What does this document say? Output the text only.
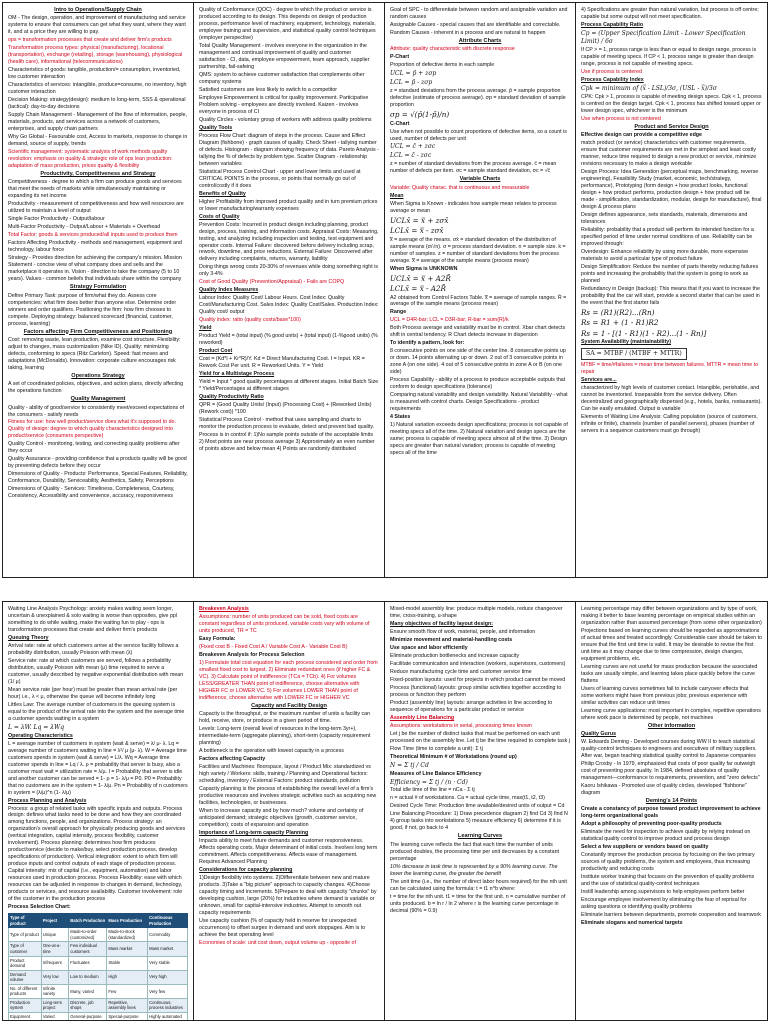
Intro to Operations/Supply Chain

OM - The design, operation, and improvement of manufacturing and service systems to ensure that consumers can get what they want, where they want it, and at a price they are willing to pay.

ops = transformation processes that create and deliver firm's products

Transformation process types: physical (manufacturing), locational (transportation), exchange (retailing), storage (warehousing), physiological (health care), informational (telecommunications)

Characteristics of goods: tangible, production/= consumption, inventoried, low customer interaction

Characteristics of services: intangible, produce=consume, no inventory, high customer interaction

Decision Making: strategy(design): medium to long-term, SSS & operational (tactical): day-to-day decisions

Supply Chain Management - Management of the flow of information, people, materials, products, and services across a network of customers, enterprises, and supply chain partners

Why Go Global - Favourable cost, Access to markets, response to change in demand, source of supply, trends

Scientific management: systematic analysis of work methods quality revolution: emphasis on quality & strategic role of ops lean production: adaptation of mass production, prices quality & flexibility

Productivity, Competitiveness and Strategy

Competitiveness - degree to which a firm can produce goods and services that meet the needs of markets while simultaneously maintaining or expanding its net income

Productivity - measurement of competitiveness and how well resources are utilized to maintain a level of output

Single Factor Productivity - Output/labour

Multi-Factor Productivity - Output/Labour + Materials + Overhead

Total Factor: goods & services produced/all inputs used to produce them

Factors Affecting Productivity - methods and management, equipment and technology, labour force

Strategy - Provides direction for achieving the company's mission. Mission Statement - concise view of what company does and sells and the marketplace it operates in. Vision - direction to take the company (5 to 10 years). Values - common beliefs that individuals share within the company

Strategy Formulation

Define Primary Task: purpose of firm/what they do. Assess core competencies: what firm does better than anyone else. Determine order winners and order qualifiers. Positioning the firm: how firm chooses to compete. Deploying strategy: balanced scorecard (financial, customer, process, learning)

Factors affecting Firm Competitiveness and Positioning

Cost: removing waste, lean production, examine cost structure. Flexibility: adjust to changes, mass customization (Nike ID). Quality: minimizing defects, conforming to specs (Ritz Carleton). Speed: fast moves and adaptations (McDonalds). Innovation: corporate culture encourages risk taking, learning

Operations Strategy

A set of coordinated policies, objectives, and action plans, directly affecting the operations function

Quality Management

Quality - ability of good/service to consistently meet/exceed expectations of the consumers - satisfy needs

Fitness for use: how well product/service does what it's supposed to do. Quality of design: degree to which quality characteristics designed into product/service (consumers perspective)

Quality Control - monitoring, testing, and correcting quality problems after they occur

Quality Assurance - providing confidence that a products quality will be good by preventing defects before they occur

Dimensions of Quality - Products: Performance, Special Features, Reliability, Conformance, Durability, Serviceability, Aesthetics, Safety, Perceptions

Dimensions of Quality - Services: Timeliness, Completeness, Courtesy, Consistency, Accessibility and convenience, accuracy, responsiveness

Quality of Conformance (QOC) - degree to which the product or service is produced according to its design. This depends on design of production process, performance level of machinery, equipment, technology, materials, employee training and supervision, and statistical quality control techniques (employer perspective)

Total Quality Management - involves everyone in the organization in the management and continual improvement of quality and customer satisfaction - CI, data, employee empowerment, team approach, supplier partnership, fail-safeing

QMS: system to achieve customer satisfaction that complements other company systems

Satisfied customers are less likely to switch to a competitor

Employee Empowerment is critical for quality improvement. Participative Problem solving - employees are directly involved. Kaizen - involves everyone in process of CI

Quality Circles - voluntary group of workers with address quality problems

Quality Tools

Process Flow Chart: diagram of steps in the process. Cause and Effect Diagram (fishbone) - graph causes of quality. Check Sheet - tallying number of defects. Histogram - diagram showing frequency of data. Pareto Analysis - tallying the % of defects by problem type. Scatter Diagram - relationship between variables

Statistical Process Control Chart - upper and lower limits and used at CRITICAL POINTS in the process, or points that normally go out of control/costly if it does

Benefits of Quality

Higher Profitability from improved product quality and in turn premium prices or lower manufacturing/warranty expenses

Costs of Quality

Prevention Costs: Incurred in product design including planning, product design, process, training, and information costs. Appraisal Costs: Measuring, testing, and analyzing including inspection and testing, test equipment and operator costs. Internal Failure: discovered before delivery including scrap, rework, downtime, and price reductions. External Failure: Discovered after delivery including complaints, returns, warranty, liability

Doing things wrong costs 20-30% of revenues while doing something right is only 3-4%

Cost of Good Quality (Prevention/Appraisal) - Fails are COPQ

Quality Index Measures

Labour Index: Quality Cost/ Labour Hours. Cost Index: Quality Cost/Manufacturing Cost. Sales Index: Quality Cost/Sales. Production Index: Quality cost/ output

Quality index: ratio (quality costs/base*100)

Yield

Product Yield = (total input) (% good units) + (total input) (1-%good units) (% reworked)

Product Cost

Cost = (Kd*I + Kr*R)/Y. Kd = Direct Manufacturing Cost. I = Input. KR = Rework Cost Per unit. R = Reworked Units. Y = Yield

Yield for a Multistage Process

Yield = Input * good quality percentages at different stages. Initial Batch Size * Yield/Percentages at different stages

Quality Productivity Ratio

QPR = (Good Quality Units/ (Input) (Processing Cost) + (Reworked Units) (Rework cost)) *100

Statistical Process Control - method that uses sampling and charts to monitor the production process to evaluate, detect and prevent bad quality.

Process is in control if: 1)No sample points outside of the acceptable limits 2) Most points are near process average 3) Approximately an even number of points above and below mean 4) Points are randomly distributed

Goal of SPC - to differentiate between random and assignable variation and random causes

Assignable Causes - special causes that are identifiable and correctable.

Random Causes - inherent in a process and are natural to happen

Attribute Charts

Attribute: quality characteristic with discrete response

P-Chart

Proportion of defective items in each sample

UCL = p̄ + zσp

LCL = p̄ - zσp

z = standard deviations from the process average. p̄ = sample proportion defective (estimate of process average). σp = standard deviation of sample proportion

σp = √(p̄(1-p̄)/n)

C-Chart

Use when not possible to count proportions of defective items, so a count is used, number of defects per unit

UCL = c̄ + zσc

LCL = c̄ - zσc

z = number of standard deviations from the process average. c̄ = mean number of defects per item. σc = sample standard deviation, σc = √c̄

Variable Charts

Variable: Quality charac. that is continuous and measurable

Mean

When Sigma is Known - indicates how sample mean relates to process average or mean

UCLx̄ = x̿ + zσx̄

LCLx̄ = x̿ - zσx̄

x̿ = average of the means. σx̄ = standard deviation of the distribution of sample means (σ/√n). σ = process standard deviation. n = sample size. k = number of samples. z = number of standard deviations from the process average. x̿ = average of the sample means (process mean)

When Sigma is UNKNOWN

UCLx̄ = x̿ + A2R̄

LCLx̄ = x̿ - A2R̄

A2 obtained from Control Factors Table. x̿ = average of sample ranges. R̄ = average of the sample means (process mean)

Range

UCL = D4R-bar; LCL = D3R-bar; R-bar = sum(R)/k

Both Process average and variability must be in control. Xbar chart detects shift in central tendency. R Chart detects increase in dispersion

To identify a pattern, look for:

8 consecutive points on one side of the center line. 8 consecutive points up or down. 14 points alternating up or down. 2 out of 3 consecutive points in zone A (on one side). 4 out of 5 consecutive points in zone A or B (on one side)

Process Capability - ability of a process to produce acceptable outputs that conform to design specifications (tolerance)

Comparing natural variability and design variability. Natural Variability - what is measured with control charts. Design Specifications - product requirements

4 States

1) Natural variation exceeds design specifications; process is not capable of meeting specs all of the time. 2) Natural variation and design specs are the same; process is capable of meeting specs almost all of the time. 3) Design specs are greater than natural variation; process is capable of meeting specs all of the time

4) Specifications are greater than natural variation, but process is off centre; capable but some output will not meet specification.

Process Capability Ratio

Cp = (Upper Specification Limit - Lower Specification Limit) / 6σ

If CP > = 1, process range is less than or equal to design range, process is capable of meeting specs. If CP < 1, process range is greater than design range, process is not capable of meeting specs.

Use if process is centered

Process Capability Index

Cpk = minimum of (x̿ - LSL)/3σ, (USL - x̿)/3σ

CPK: Cpk > 1, process is capable of meeting design specs. Cpk < 1, process is centred on the design target. Cpk < 1, process has shifted toward upper or lower design spec, whichever is the minimum

Use when process is not centered

Product and Service Design

Effective design can provide a competitive edge

match product (or service) characteristics with customer requirements, ensure that customer requirements are met in the simplest and least costly manner, reduce time required to design a new product or service, minimize revisions necessary to make a design workable

Design Process: Idea Generation (perceptual maps, benchmarking, reverse engineering), Feasibility Study (market, economic, tech/strategy, performance), Prototyping (form design + how product looks, functional design + how product performs, production design + how product will be made - simplification, standardization, modular, design for manufacture), final design & process plans

Design defines appearance, sets standards, materials, dimensions and tolerances

Reliability: probability that a product will perform its intended function for a specified period of time under normal conditions of use. Reliability can be improved through:

Overdesign: Enhance reliability by using more durable, more expensive materials to avoid a particular type of product failure

Design Simplification: Reduce the number of parts thereby reducing failures points and increasing the probability that the system is going to work as planned

Redundancy in Design (backup): This means that if you want to increase the probability that the car will start, provide a second starter that can be used in the event that the first starter fails

Rs = (R1)(R2)...(Rn)

Rs = R1 + (1 - R1)R2

Rs = 1 - [(1 - R1)(1 - R2)...(1 - Rn)]

System Availability (maintainability)

SA = MTBF / (MTBF + MTTR)

MTBF = time/#failures = mean time between failures. MTTR = mean time to repair

Services are...

characterized by high levels of customer contact. Intangible, perishable, and cannot be inventoried. Inseparable from the service delivery. Often decentralized and geographically dispersed (e.g., hotels, banks, restaurants). Can be easily emulated. Output is variable

Elements of Waiting Line Analysis: Calling population (source of customers, infinite or finite), channels (number of parallel servers), phases (number of servers in a sequence customers must go through)

Waiting Line Analysis Psychology: anxiety makes waiting seem longer, uncertain & unexplained & solo waiting is worse than opposites, give ppl something to do while waiting, make the waiting fun to play - ops is transformation processes that create and deliver firm's products

Queuing Theory

Arrival rate: rate at which customers arrive at the service facility follows a probability distribution, usually Poisson with mean (λ)

Service rate: rate at which customers are served, follows a probability distribution, usually Poisson with mean (μ) time required to serve a customer, usually described by negative exponential distribution with mean (1/ μ)

Mean service rate (per hour) must be greater than mean arrival rate (per hour) i.e., λ < μ, otherwise the queue will become infinitely long

Littles Law: The average number of customers in the queuing system is equal to the product of the arrival rate into the system and the average time a customer spends waiting in a system

L = λW. Lq = λWq

Operating Characteristics

L = average number of customers in system (wait & serve) = λ/ μ- λ. Lq = average number of customers waiting in line = λ²/ μ (μ- λ). W = Average time customers spends in system (wait & serve) = L/λ. Wq = Average time customer spends in line = Lq / λ. ρ = probability that server is busy, also a customer must wait = utilization rate = λ/μ. I = Probability that server is idle and another customer can be served = 1- ρ = 1- λ/μ = P0. P0 = Probability that no customers are in the system = 1- λ/μ. Pn = Probability of n customers in system = (λ/μ)^n (1- λ/μ)

Process Planning and Analysis

Process: a group of related tasks with specific inputs and outputs. Process design: defines what tasks need to be done and how they are coordinated among functions, people, and organizations. Process strategy: an organization's overall approach for physically producing goods and services (vertical integration, capital intensity, process flexibility, customer involvement). Process planning: determines how firm produces product/service (decide to make/buy, select production process, develop specifications of production). Vertical integration: extent to which firm will produce inputs and control outputs of each stage of production process. Capital intensity: mix of capital (i.e., equipment, automation) and labor resources used in production process. Process Flexibility: ease with which resources can be adjusted in response to changes in demand, technology, products or services, and resource availability. Customer involvement: role of the customer in the production process

Process Selection Chart:

Type of product	Project	Batch Production	Mass Production	Continuous Production
Type of product	Unique	Made-to-order (customized)	Made-to-stock (standardized)	Commodity
Type of customer	One-at-a-time	Few individual customers	Mass market	Mass market
Product demand	Infrequent	Fluctuates	Stable	Very stable
Demand volume	Very low	Low to medium	High	Very high
No. of different products	Infinite variety	Many, varied	Few	Very few
Production system	Long-term project	Discrete, job shops	Repetitive, assembly lines	Continuous, process industries
Equipment	Varied	General-purpose	Special-purpose	Highly automated

Breakeven Analysis

Assumptions: number of units produced can be sold, fixed costs are constant regardless of units produced, variable costs vary with volume of units produced, TR = TC

Easy Formula:

(Fixed cost B - Fixed Cost A / Variable Cost A - Variable Cost B)

Breakeven Analysis for Process Selection

1) Formulate total cost equation for each process considered and order from smallest fixed cost to largest. 2) Eliminate redundant ones (if higher FC & VC). 3) Calculate point of indifference (TCa = TCb). 4) For volumes LESS/GREATER THAN point of indifference, choose alternative with HIGHER FC or LOWER VC. 5) For volumes LOWER THAN point of indifference, choose alternative with LOWER FC or HIGHER VC

Capacity and Facility Design

Capacity is the throughput, or the maximum number of units a facility can hold, receive, store, or produce in a given period of time.

Levels: Long-term (overall level of resources in the long-term 3yr+), intermediate-term (aggregate planning), short-term (capacity requirement planning)

A bottleneck is the operation with lowest capacity in a process

Factors affecting Capacity

Facilities and Machines: floorspace, layout / Product Mix: standardized vs high variety / Workers: skills, training / Planning and Operational factors: scheduling, inventory / External Factors: product standards, pollution

Capacity planning is the process of establishing the overall level of a firm's productive resources and involves strategic activities such as acquiring new facilities, technologies, or businesses.

When to increase capacity and by how much? volume and certainty of anticipated demand; strategic objectives (growth, customer service, competition); costs of expansion and operation

Importance of Long-term capacity Planning

Impacts ability to meet future demands and customer responsiveness. Affects operating costs. Major determinant of initial costs. Involves long term commitment. Affects competitiveness. Affects ease of management. Requires Advanced Planning

Considerations for capacity planning

1)Design flexibility into systems. 2)Differentiate between new and mature products. 3)Take a "big picture" approach to capacity changes. 4)Choose capacity timing and increments. 5)Prepare to deal with capacity "chunks" by developing cushion, large (20%) for industries where demand is variable or unknown, small for capital-intensive industries. Attempt to smooth out capacity requirements

Use capacity cushion (% of capacity held in reserve for unexpected occurrences) to offset surges in demand and work stoppages. Aim is to achieve the best operating level

Economies of scale: unit cost down, output volume up - opposite of

Mixed-model assembly line: produce multiple models, reduce changeover time, cross-training, u-shape

Many objectives of facility layout design:

Ensure smooth flow of work, material, people, and information

Minimize movement and material-handling costs

Use space and labor efficiently

Eliminate production bottlenecks and increase capacity

Facilitate communication and interaction (workers, supervisors, customers)

Reduce manufacturing cycle time and customer service time

Fixed-position layouts: used for projects in which product cannot be moved

Process (functional) layouts: group similar activities together according to process or function they perform

Product (assembly line) layouts: arrange activities in line according to sequence of operations for a particular product or service

Assembly Line Balancing

Assumptions: workstations in serial, processing times known

Let j be the number of distinct tasks that must be performed on each unit processed on the assembly line. Let tj be the time required to complete task j

Flow Time (time to complete a unit): Σ tj

Theoretical Minimum # of Workstations (round up)

N = Σ tj / Cd

Measures of Line Balance Efficiency

Efficiency = Σ tj / (n · Cd)

Total idle time of the line = nCa - Σ tj

n = actual # of workstations. Ca = actual cycle time, max(t1, t2, t3)

Desired Cycle Time: Production time available/desired units of output = Cd

Line Balancing Procedure: 1) Draw precedence diagram 2) find Cd 3) find N 4) group tasks into workstations 5) measure efficiency 6) determine if it is good, if not, go back to 4

Learning Curves

The learning curve reflects the fact that each time the number of units produced doubles, the processing time per unit decreases by a constant percentage

10% decrease in task time is represented by a 90% learning curve. The lower the learning curve, the greater the benefit

The unit time (i.e., the number of direct labor hours required) for the nth unit can be calculated using the formula: t = t1 n^b where:

t = time for the nth unit. t1 = time for the first unit. n = cumulative number of units produced. b = ln r / ln 2 where r is the learning curve percentage in decimal (90% = 0.9)

Learning percentage may differ between organizations and by type of work, making it better to base learning percentage on empirical studies within an organization rather than assumed percentage (from some other organization)

Projections based on learning curves should be regarded as approximations of actual times and treated accordingly. Considerable care should be taken to ensure that the first unit time is valid. It may be desirable to revise the first unit time as it may change due to time compression, design changes, equipment problems, etc.

Learning curves are not useful for mass production because the associated tasks are usually simple, and learning takes place quickly before the curve flattens

Users of learning curves sometimes fail to include carryover effects that some workers might have from previous jobs; previous experience with similar activities can reduce unit times

Learning curve applications: most important in complex, repetitive operations where work pace is determined by people, not machines

Other information

Quality Gurus

W. Edwards Deming - Developed courses during WW II to teach statistical quality-control techniques to engineers and executives of military suppliers. After war, began teaching statistical quality control to Japanese companies

Philip Crosby - In 1979, emphasized that costs of poor quality far outweigh cost of preventing poor quality. In 1984, defined absolutes of quality management—conformance to requirements, prevention, and "zero defects"

Kaoru Ishikawa - Promoted use of quality circles, developed "fishbone" diagram

Deming's 14 Points

Create a constancy of purpose toward product improvement to achieve long-term organizational goals

Adopt a philosophy of preventing poor-quality products

Eliminate the need for inspection to achieve quality by relying instead on statistical quality control to improve product and process design

Select a few suppliers or vendors based on quality

Constantly improve the production process by focusing on the two primary sources of quality problems, the system and employees, thus increasing productivity and reducing costs

Institute worker training that focuses on the prevention of quality problems and the use of statistical quality-control techniques

Instill leadership among supervisors to help employees perform better

Encourage employee involvement by eliminating the fear of reprisal for asking questions or identifying quality problems

Eliminate barriers between departments, promote cooperation and teamwork

Eliminate slogans and numerical targets
